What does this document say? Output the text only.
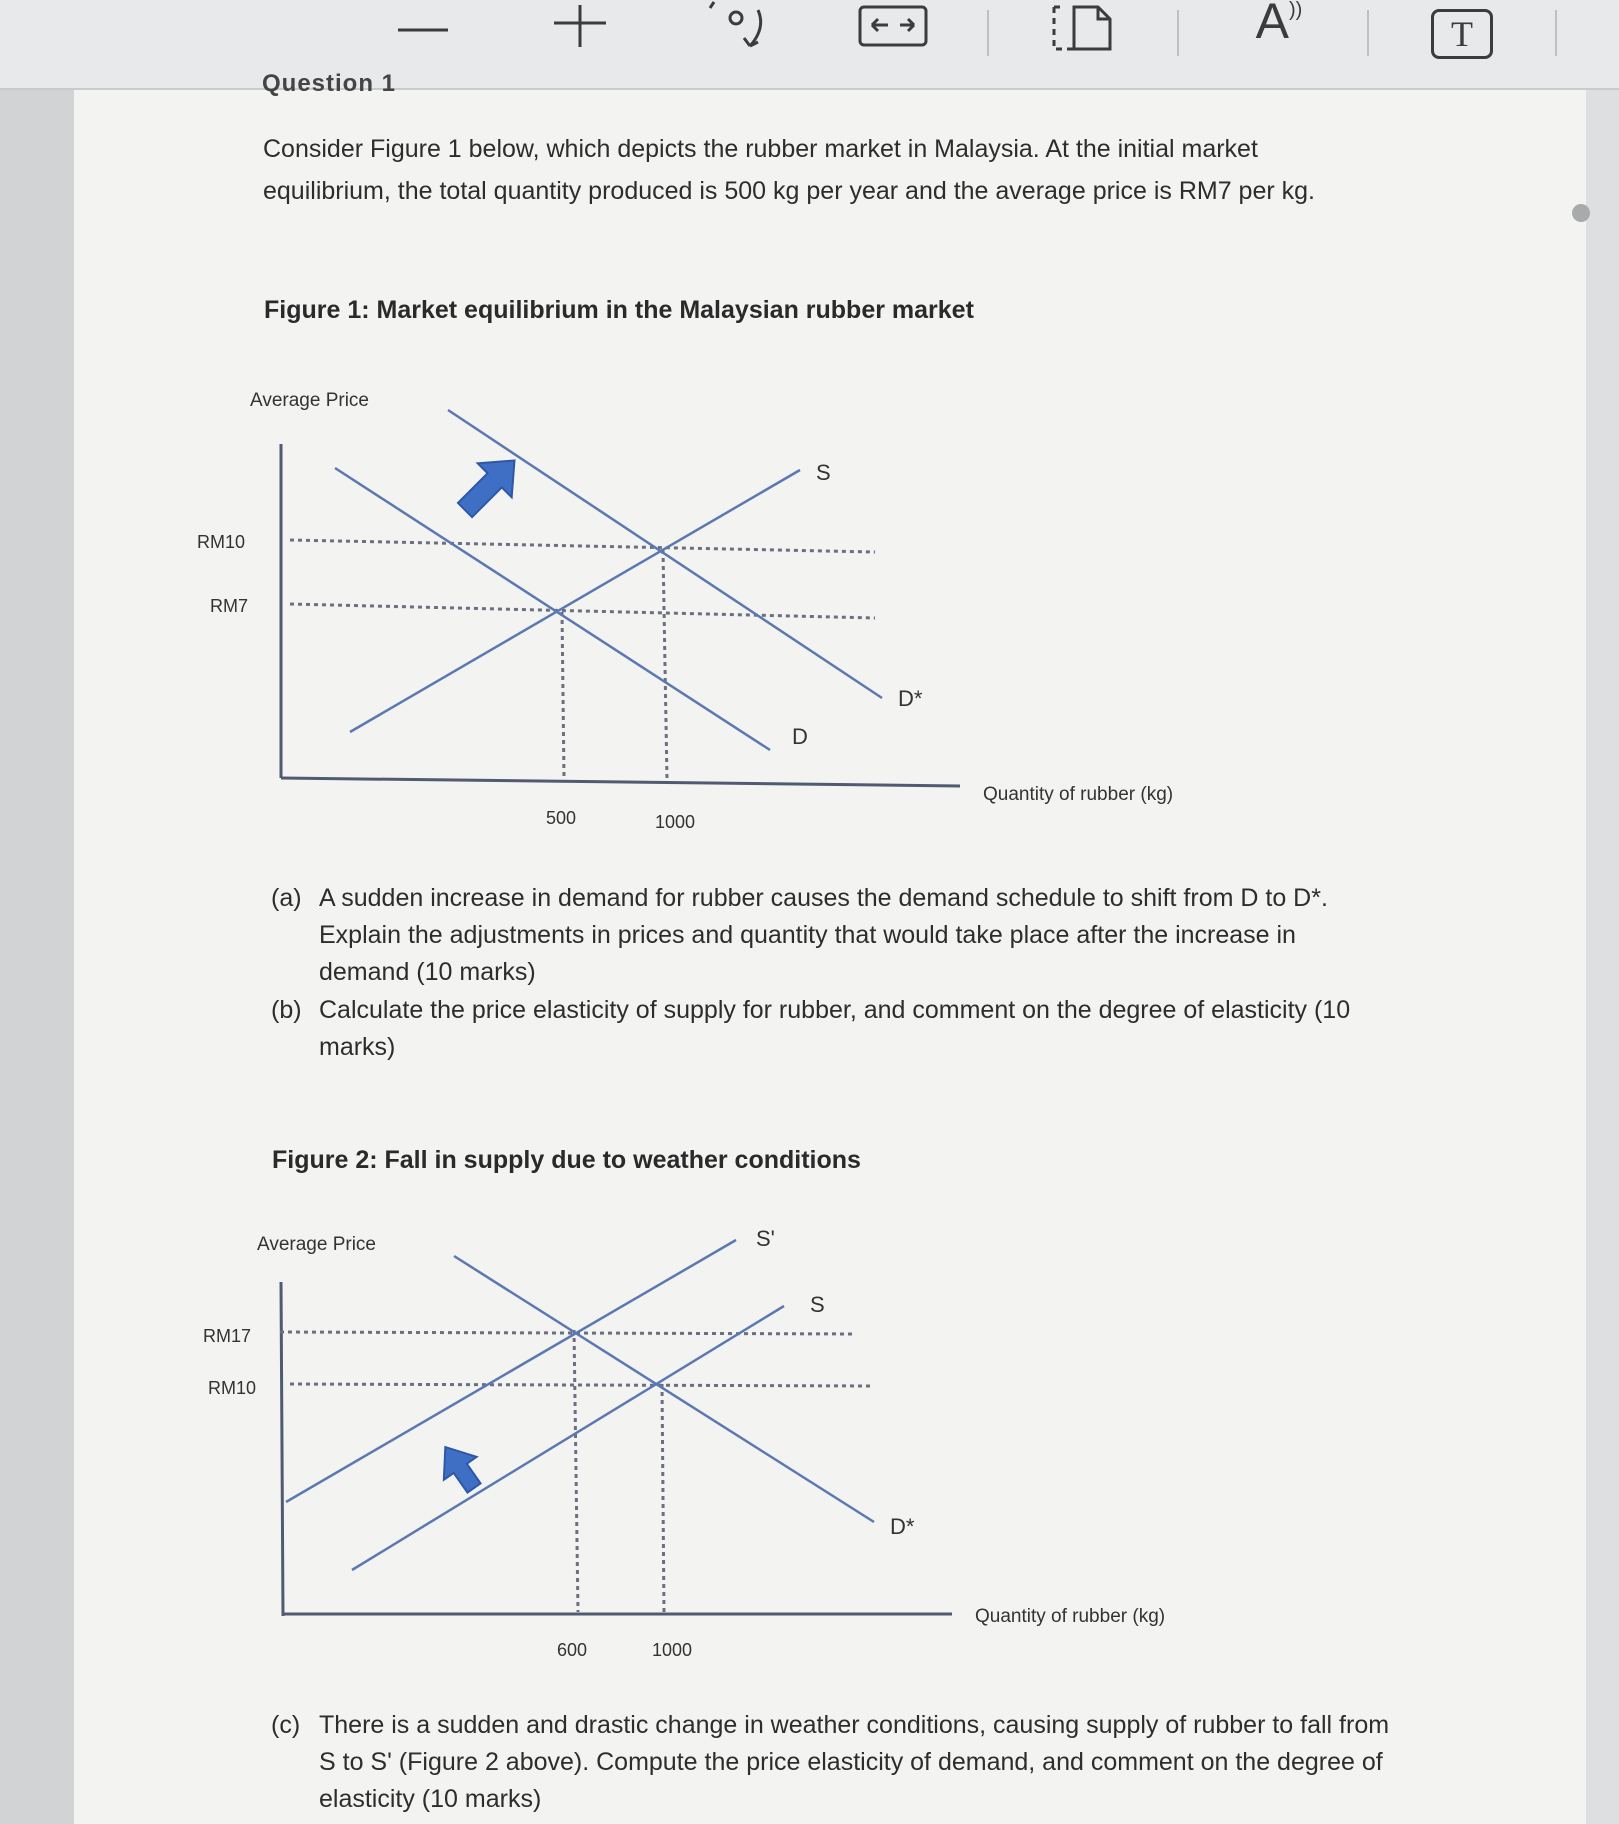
A))
T
Question 1
Consider Figure 1 below, which depicts the rubber market in Malaysia. At the initial market
equilibrium, the total quantity produced is 500 kg per year and the average price is RM7 per kg.
Figure 1: Market equilibrium in the Malaysian rubber market
Average Price
Quantity of rubber (kg)
RM10
RM7
500	1000
S
D
D*
(a) A sudden increase in demand for rubber causes the demand schedule to shift from D to D*.
Explain the adjustments in prices and quantity that would take place after the increase in
demand (10 marks)
(b) Calculate the price elasticity of supply for rubber, and comment on the degree of elasticity (10
marks)
Figure 2: Fall in supply due to weather conditions
Average Price
Quantity of rubber (kg)
RM17
RM10
600	1000
S'
S
D*
(c) There is a sudden and drastic change in weather conditions, causing supply of rubber to fall from
S to S' (Figure 2 above). Compute the price elasticity of demand, and comment on the degree of
elasticity (10 marks)
